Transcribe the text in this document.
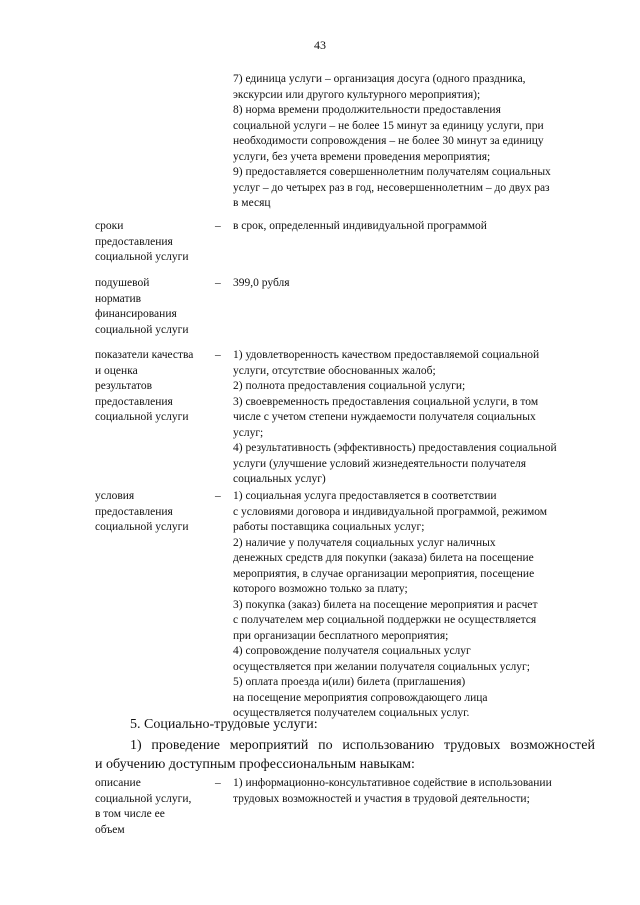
43
7) единица услуги – организация досуга (одного праздника,
экскурсии или другого культурного мероприятия);
8) норма времени продолжительности предоставления
социальной услуги – не более 15 минут за единицу услуги, при
необходимости сопровождения – не более 30 минут за единицу
услуги, без учета времени проведения мероприятия;
9) предоставляется совершеннолетним получателям социальных
услуг – до четырех раз в год, несовершеннолетним – до двух раз
в месяц
сроки
предоставления
социальной услуги
–	в срок, определенный индивидуальной программой
подушевой
норматив
финансирования
социальной услуги
–	399,0 рубля
показатели качества
и оценка
результатов
предоставления
социальной услуги
–	1) удовлетворенность качеством предоставляемой социальной
услуги, отсутствие обоснованных жалоб;
2) полнота предоставления социальной услуги;
3) своевременность предоставления социальной услуги, в том
числе с учетом степени нуждаемости получателя социальных
услуг;
4) результативность (эффективность) предоставления социальной
услуги (улучшение условий жизнедеятельности получателя
социальных услуг)
условия
предоставления
социальной услуги
–	1) социальная услуга предоставляется в соответствии
с условиями договора и индивидуальной программой, режимом
работы поставщика социальных услуг;
2) наличие у получателя социальных услуг наличных
денежных средств для покупки (заказа) билета на посещение
мероприятия, в случае организации мероприятия, посещение
которого возможно только за плату;
3) покупка (заказ) билета на посещение мероприятия и расчет
с получателем мер социальной поддержки не осуществляется
при организации бесплатного мероприятия;
4) сопровождение получателя социальных услуг
осуществляется при желании получателя социальных услуг;
5) оплата проезда и(или) билета (приглашения)
на посещение мероприятия сопровождающего лица
осуществляется получателем социальных услуг.
5. Социально-трудовые услуги:
1) проведение мероприятий по использованию трудовых возможностей
и обучению доступным профессиональным навыкам:
описание
социальной услуги,
в том числе ее
объем
–	1) информационно-консультативное содействие в использовании
трудовых возможностей и участия в трудовой деятельности;
